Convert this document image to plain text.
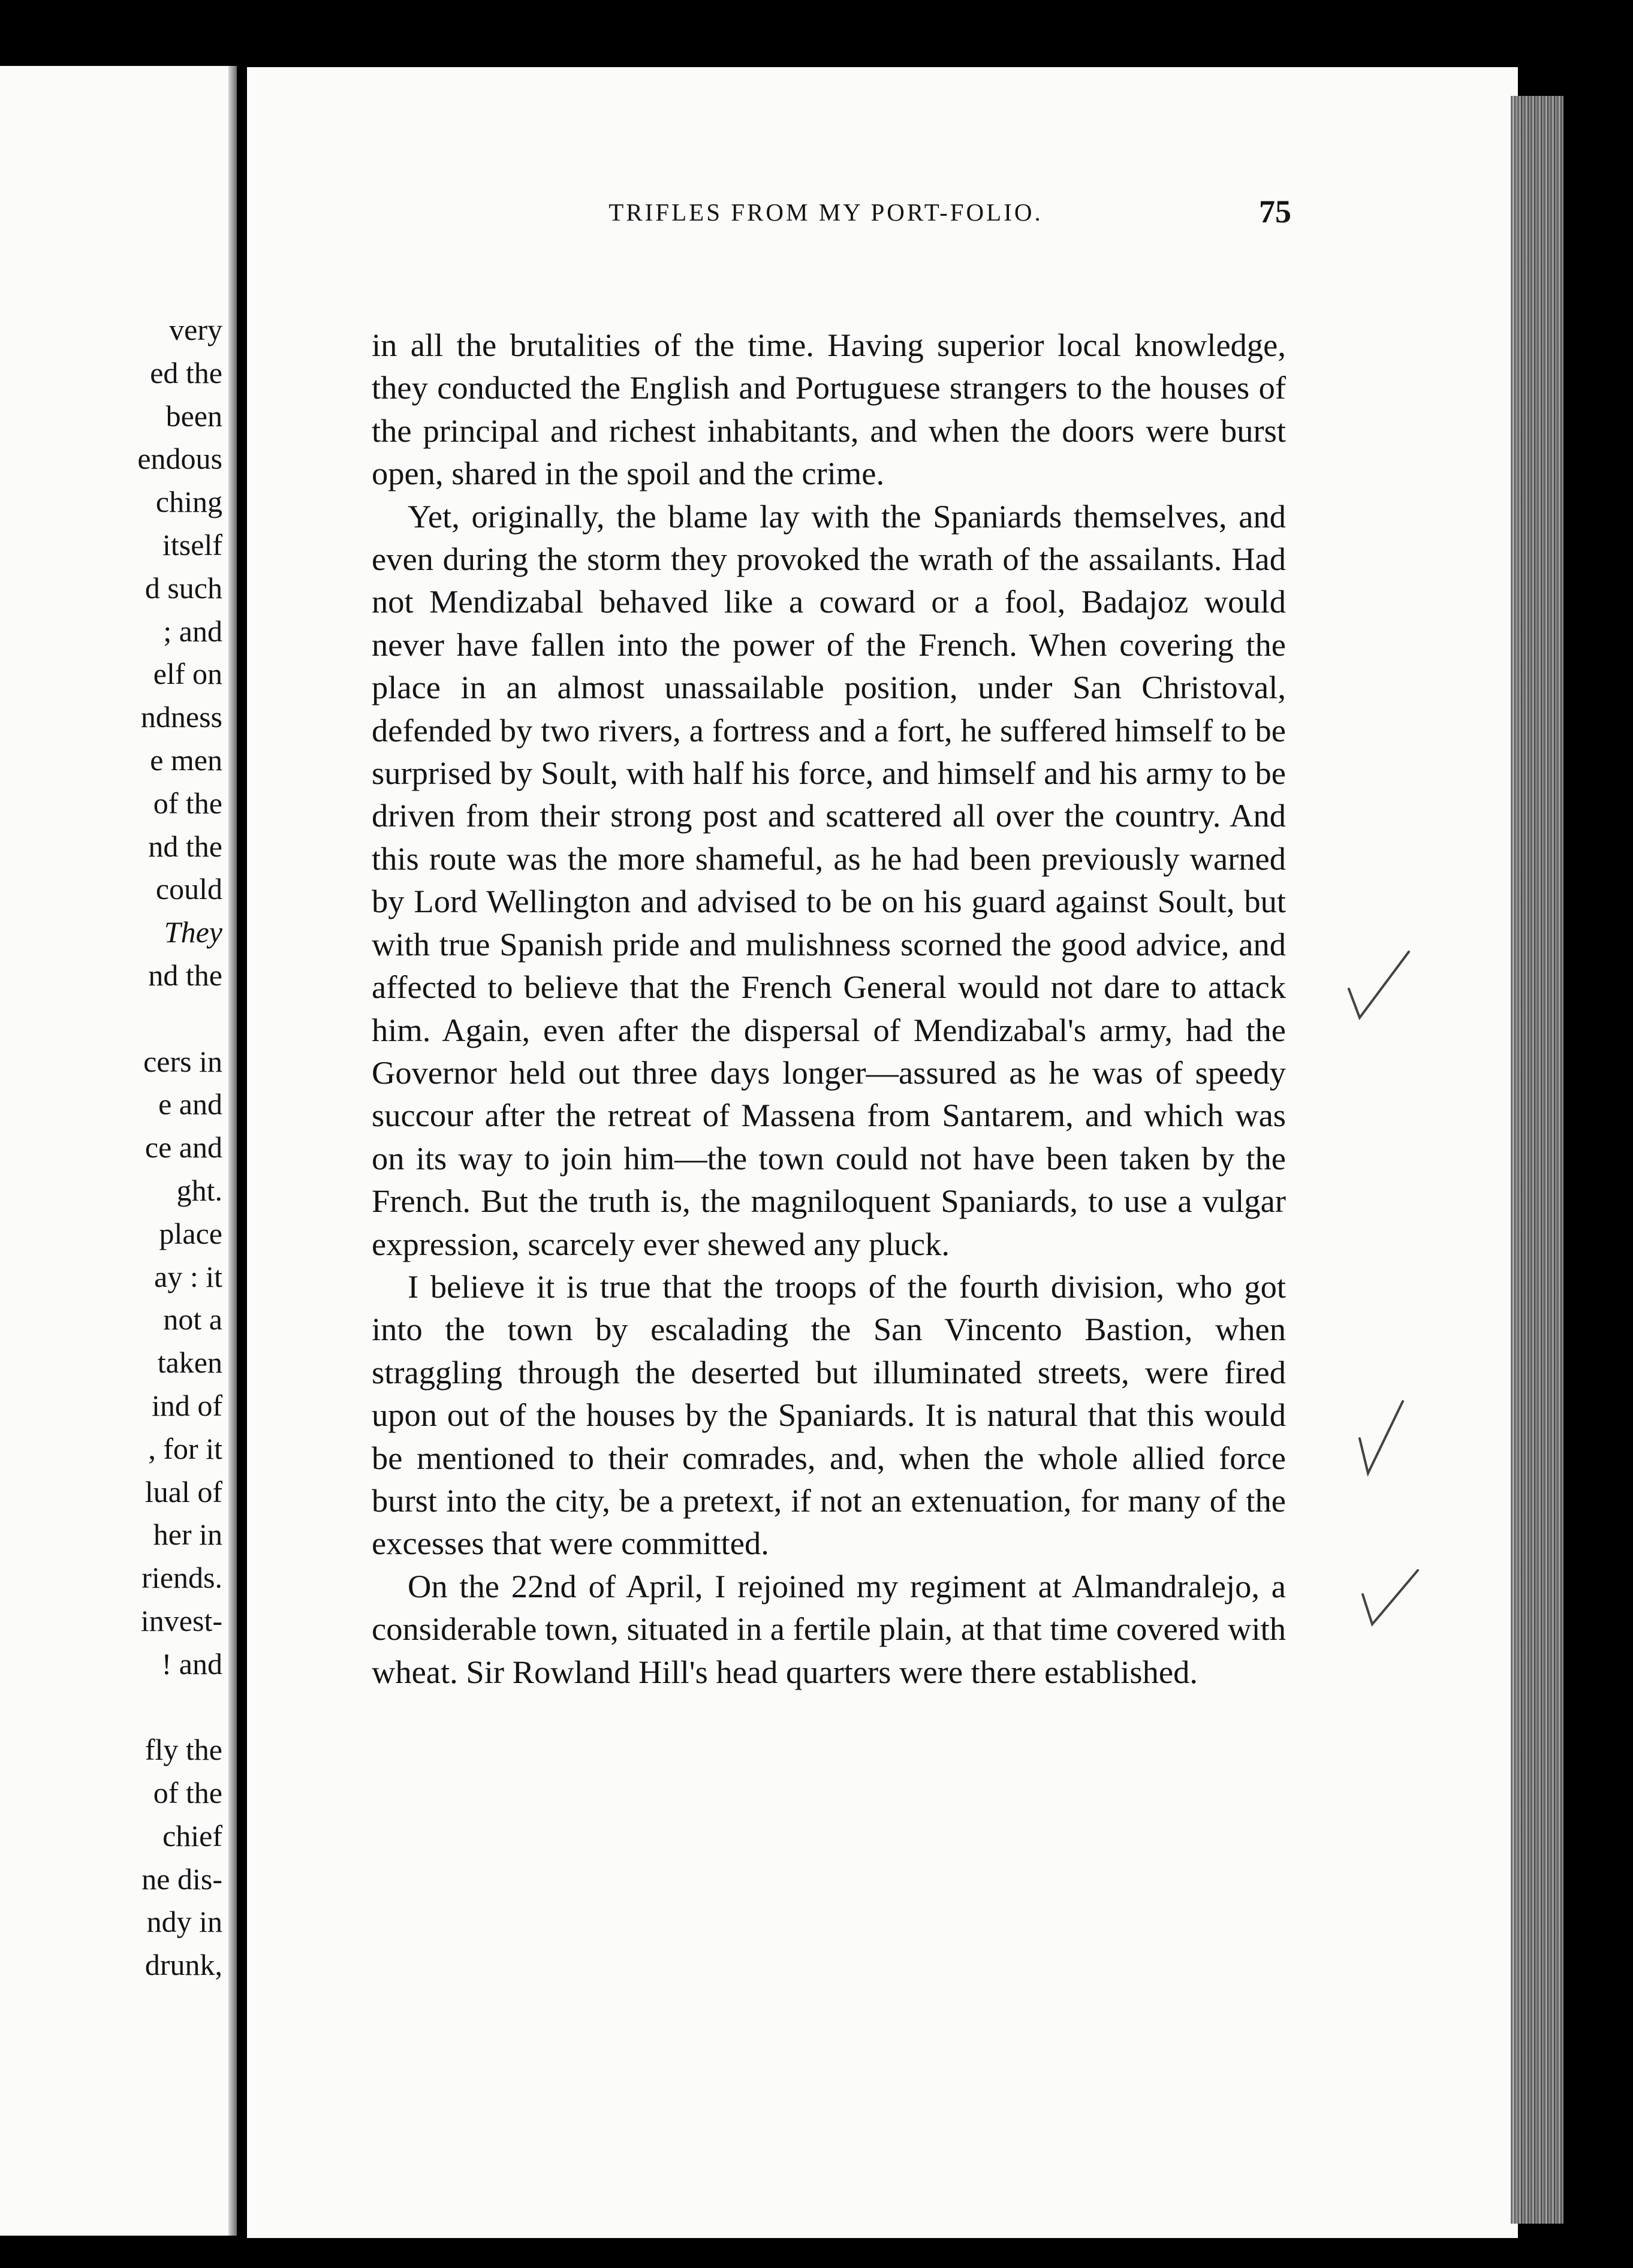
very
ed the
been
endous
ching
itself
d such
; and
elf on
ndness
e men
of the
nd the
could
They
nd the
cers in
e and
ce and
ght.
place
ay : it
not a
taken
ind of
, for it
lual of
her in
riends.
invest-
! and
fly the
of the
chief
ne dis-
ndy in
drunk,
TRIFLES FROM MY PORT-FOLIO.	75

in all the brutalities of the time. Having superior local knowledge, they conducted the English and Portuguese strangers to the houses of the principal and richest inhabitants, and when the doors were burst open, shared in the spoil and the crime.

Yet, originally, the blame lay with the Spaniards themselves, and even during the storm they provoked the wrath of the assailants. Had not Mendizabal behaved like a coward or a fool, Badajoz would never have fallen into the power of the French. When covering the place in an almost unassailable position, under San Christoval, defended by two rivers, a fortress and a fort, he suffered himself to be surprised by Soult, with half his force, and himself and his army to be driven from their strong post and scattered all over the country. And this route was the more shameful, as he had been previously warned by Lord Wellington and advised to be on his guard against Soult, but with true Spanish pride and mulishness scorned the good advice, and affected to believe that the French General would not dare to attack him. Again, even after the dispersal of Mendizabal's army, had the Governor held out three days longer—assured as he was of speedy succour after the retreat of Massena from Santarem, and which was on its way to join him—the town could not have been taken by the French. But the truth is, the magniloquent Spaniards, to use a vulgar expression, scarcely ever shewed any pluck.

I believe it is true that the troops of the fourth division, who got into the town by escalading the San Vincento Bastion, when straggling through the deserted but illuminated streets, were fired upon out of the houses by the Spaniards. It is natural that this would be mentioned to their comrades, and, when the whole allied force burst into the city, be a pretext, if not an extenuation, for many of the excesses that were committed.

On the 22nd of April, I rejoined my regiment at Almandralejo, a considerable town, situated in a fertile plain, at that time covered with wheat. Sir Rowland Hill's head quarters were there established.
